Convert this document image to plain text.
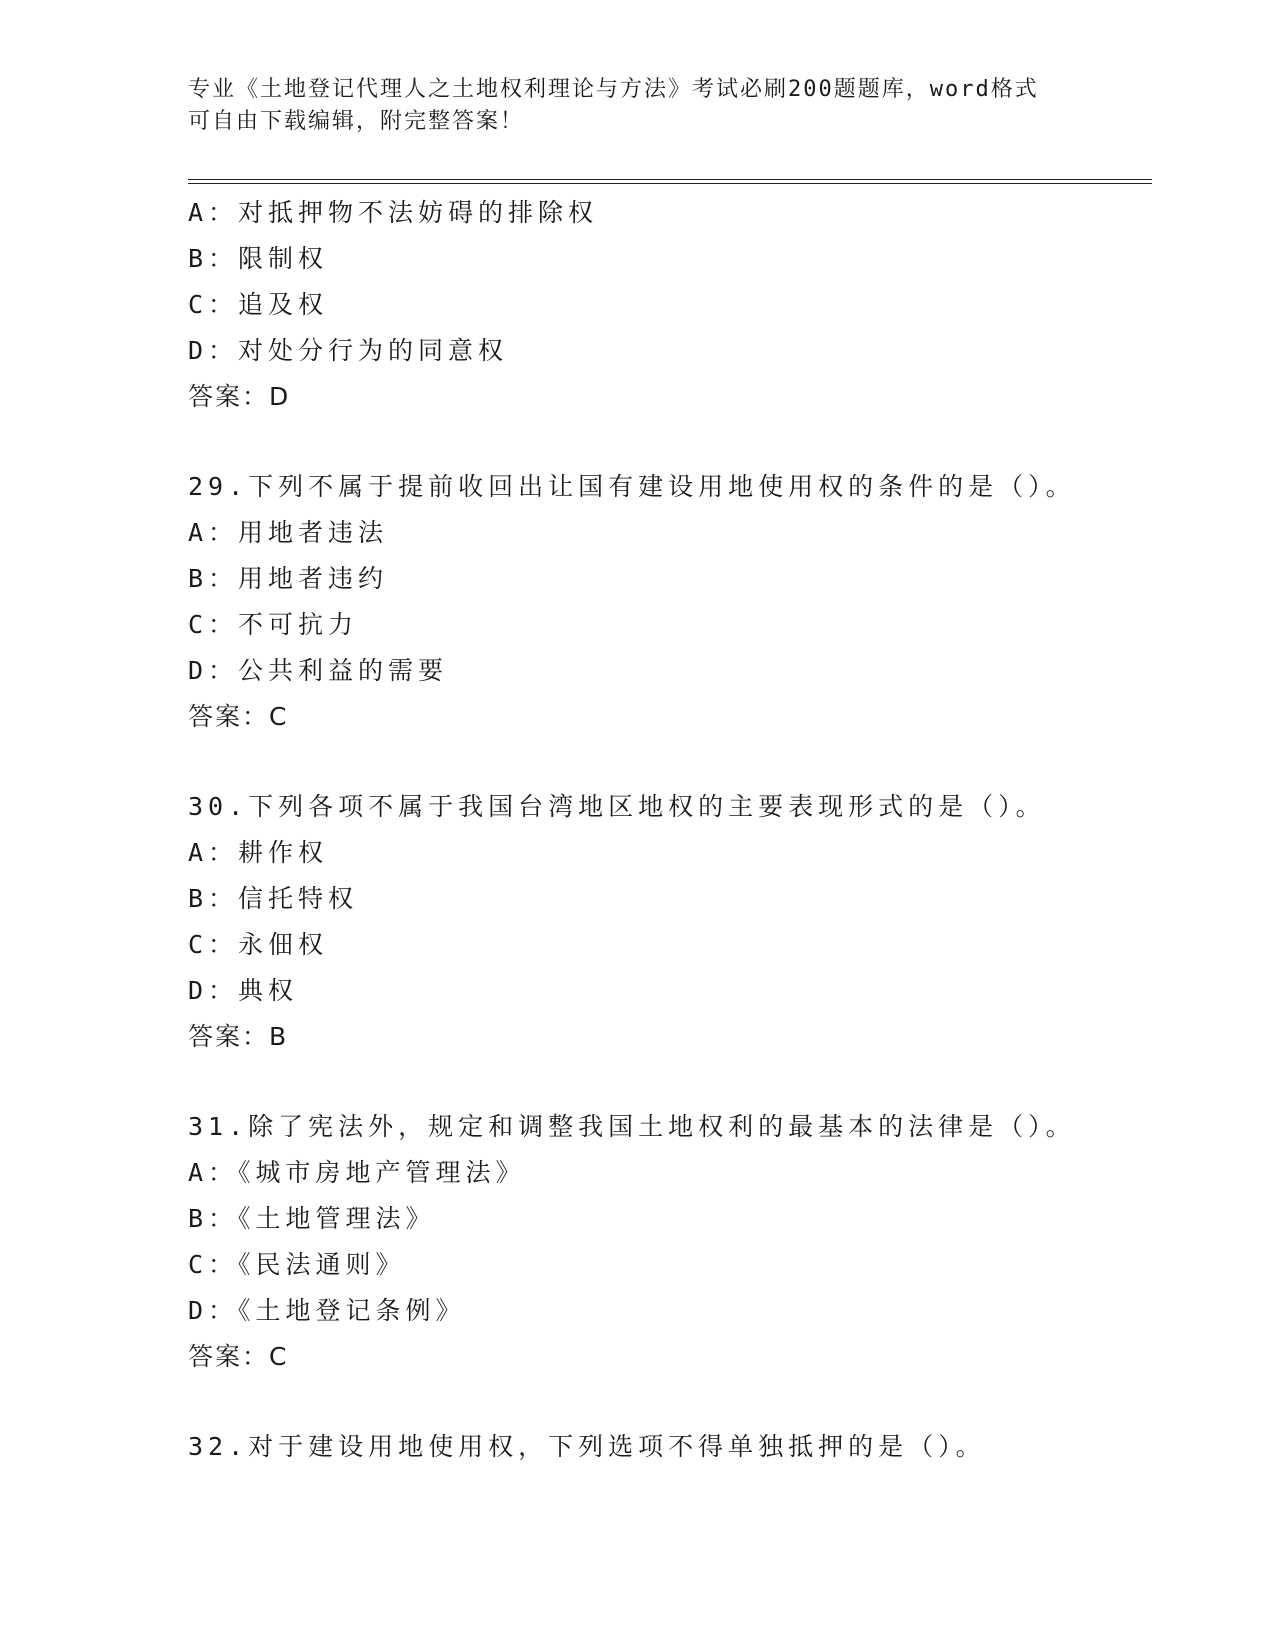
专业《土地登记代理人之土地权利理论与方法》考试必刷200题题库，word格式
可自由下载编辑，附完整答案！
A：对抵押物不法妨碍的排除权
B：限制权
C：追及权
D：对处分行为的同意权
答案：D
29.下列不属于提前收回出让国有建设用地使用权的条件的是（）。
A：用地者违法
B：用地者违约
C：不可抗力
D：公共利益的需要
答案：C
30.下列各项不属于我国台湾地区地权的主要表现形式的是（）。
A：耕作权
B：信托特权
C：永佃权
D：典权
答案：B
31.除了宪法外，规定和调整我国土地权利的最基本的法律是（）。
A：《城市房地产管理法》
B：《土地管理法》
C：《民法通则》
D：《土地登记条例》
答案：C
32.对于建设用地使用权，下列选项不得单独抵押的是（）。
